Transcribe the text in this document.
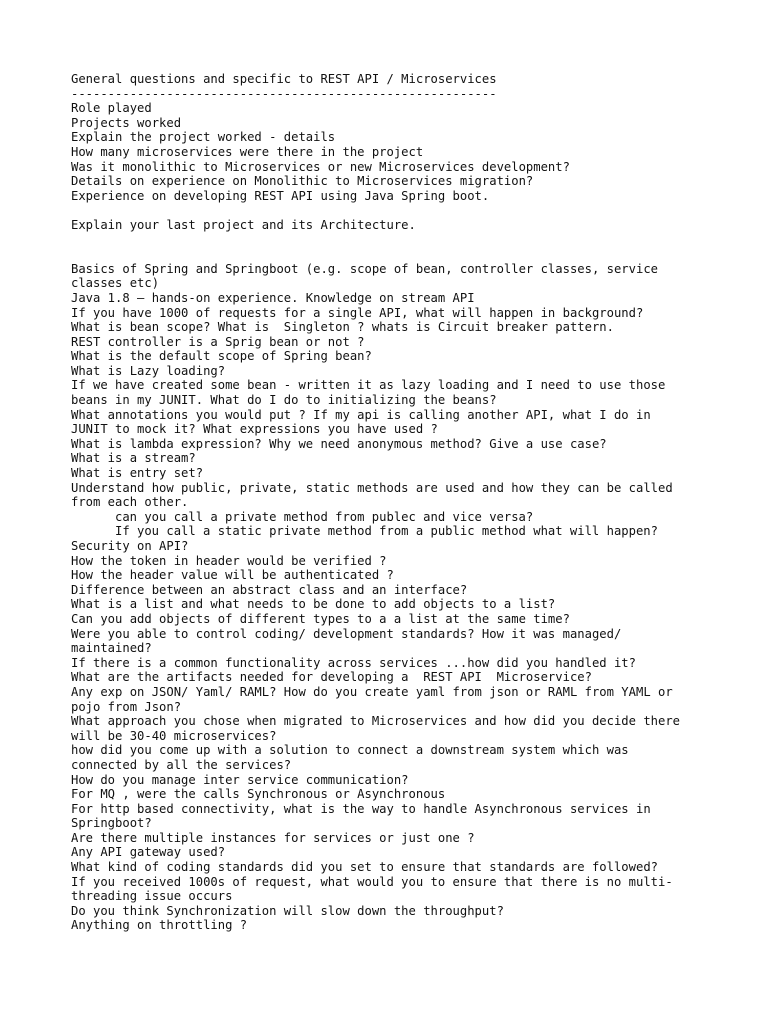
General questions and specific to REST API / Microservices
----------------------------------------------------------
Role played
Projects worked
Explain the project worked - details
How many microservices were there in the project
Was it monolithic to Microservices or new Microservices development?
Details on experience on Monolithic to Microservices migration?
Experience on developing REST API using Java Spring boot.
Explain your last project and its Architecture.
Basics of Spring and Springboot (e.g. scope of bean, controller classes, service
classes etc)
Java 1.8 – hands-on experience. Knowledge on stream API
If you have 1000 of requests for a single API, what will happen in background?
What is bean scope? What is  Singleton ? whats is Circuit breaker pattern.
REST controller is a Sprig bean or not ?
What is the default scope of Spring bean?
What is Lazy loading?
If we have created some bean - written it as lazy loading and I need to use those
beans in my JUNIT. What do I do to initializing the beans?
What annotations you would put ? If my api is calling another API, what I do in
JUNIT to mock it? What expressions you have used ?
What is lambda expression? Why we need anonymous method? Give a use case?
What is a stream?
What is entry set?
Understand how public, private, static methods are used and how they can be called
from each other.
can you call a private method from publec and vice versa?
If you call a static private method from a public method what will happen?
Security on API?
How the token in header would be verified ?
How the header value will be authenticated ?
Difference between an abstract class and an interface?
What is a list and what needs to be done to add objects to a list?
Can you add objects of different types to a a list at the same time?
Were you able to control coding/ development standards? How it was managed/
maintained?
If there is a common functionality across services ...how did you handled it?
What are the artifacts needed for developing a  REST API  Microservice?
Any exp on JSON/ Yaml/ RAML? How do you create yaml from json or RAML from YAML or
pojo from Json?
What approach you chose when migrated to Microservices and how did you decide there
will be 30-40 microservices?
how did you come up with a solution to connect a downstream system which was
connected by all the services?
How do you manage inter service communication?
For MQ , were the calls Synchronous or Asynchronous
For http based connectivity, what is the way to handle Asynchronous services in
Springboot?
Are there multiple instances for services or just one ?
Any API gateway used?
What kind of coding standards did you set to ensure that standards are followed?
If you received 1000s of request, what would you to ensure that there is no multi-
threading issue occurs
Do you think Synchronization will slow down the throughput?
Anything on throttling ?
